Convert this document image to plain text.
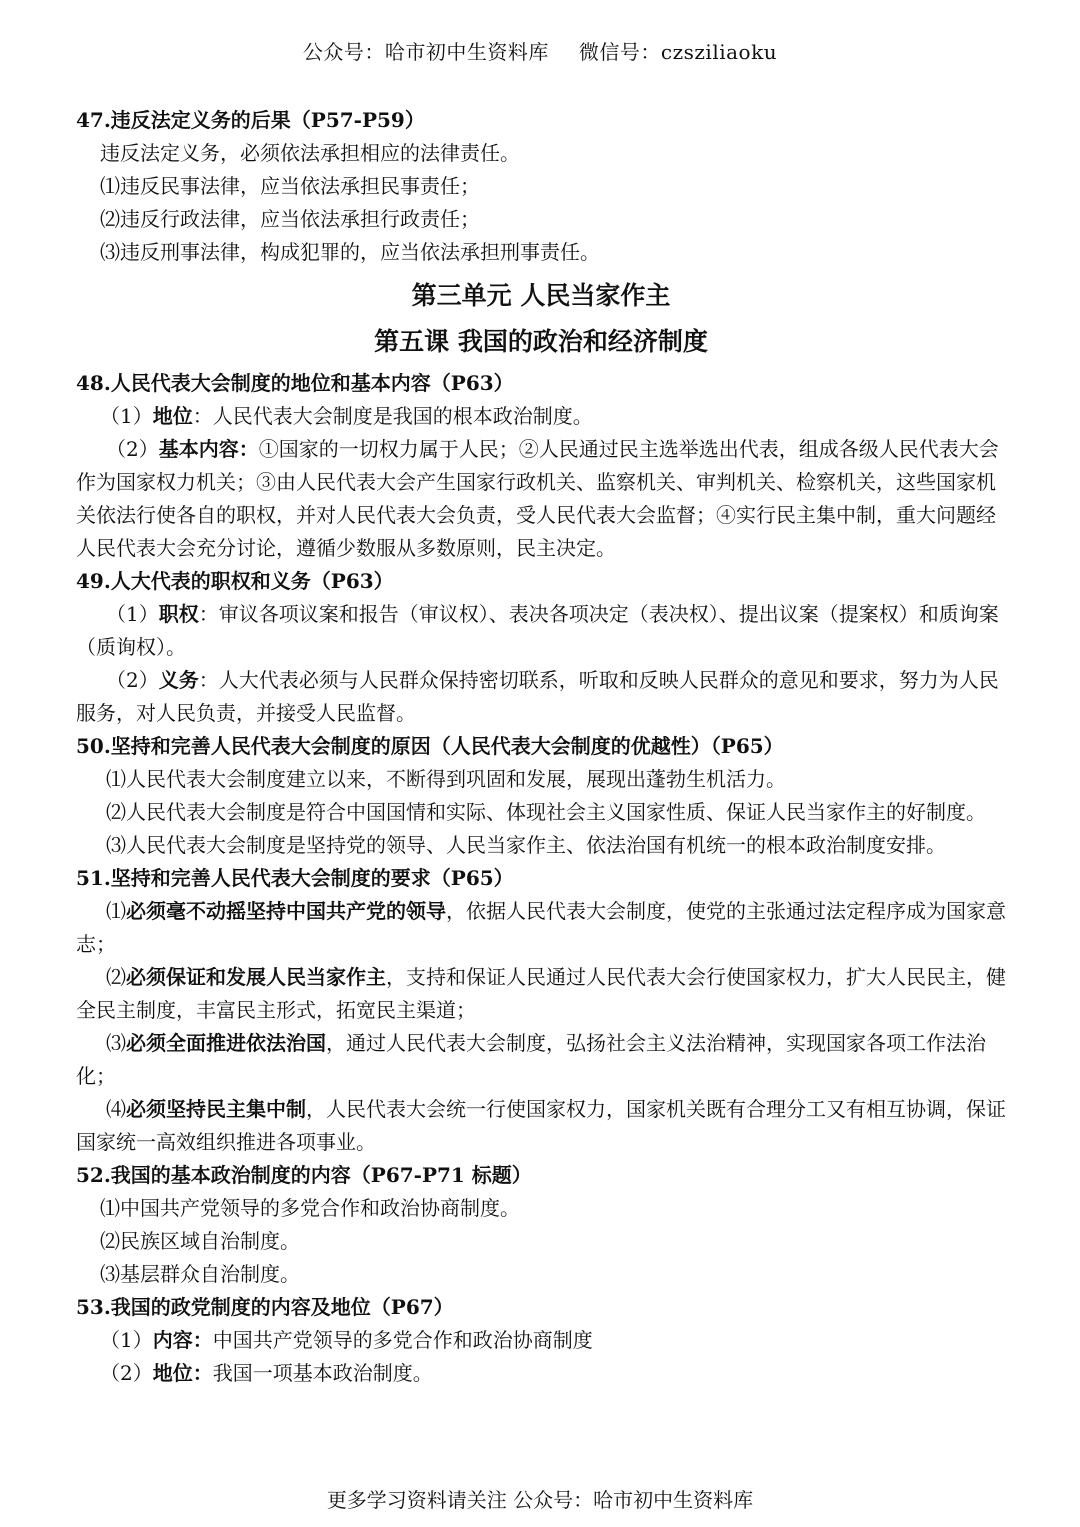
公众号：哈市初中生资料库 微信号：czsziliaoku

47.违反法定义务的后果（P57-P59）

违反法定义务，必须依法承担相应的法律责任。

⑴违反民事法律，应当依法承担民事责任；

⑵违反行政法律，应当依法承担行政责任；

⑶违反刑事法律，构成犯罪的，应当依法承担刑事责任。

第三单元 人民当家作主
第五课 我国的政治和经济制度

48.人民代表大会制度的地位和基本内容（P63）

（1）地位：人民代表大会制度是我国的根本政治制度。

（2）基本内容：①国家的一切权力属于人民；②人民通过民主选举选出代表，组成各级人民代表大会作为国家权力机关；③由人民代表大会产生国家行政机关、监察机关、审判机关、检察机关，这些国家机关依法行使各自的职权，并对人民代表大会负责，受人民代表大会监督；④实行民主集中制，重大问题经人民代表大会充分讨论，遵循少数服从多数原则，民主决定。

49.人大代表的职权和义务（P63）

（1）职权：审议各项议案和报告（审议权）、表决各项决定（表决权）、提出议案（提案权）和质询案（质询权）。

（2）义务：人大代表必须与人民群众保持密切联系，听取和反映人民群众的意见和要求，努力为人民服务，对人民负责，并接受人民监督。

50.坚持和完善人民代表大会制度的原因（人民代表大会制度的优越性）（P65）

⑴人民代表大会制度建立以来，不断得到巩固和发展，展现出蓬勃生机活力。

⑵人民代表大会制度是符合中国国情和实际、体现社会主义国家性质、保证人民当家作主的好制度。

⑶人民代表大会制度是坚持党的领导、人民当家作主、依法治国有机统一的根本政治制度安排。

51.坚持和完善人民代表大会制度的要求（P65）

⑴必须毫不动摇坚持中国共产党的领导，依据人民代表大会制度，使党的主张通过法定程序成为国家意志；

⑵必须保证和发展人民当家作主，支持和保证人民通过人民代表大会行使国家权力，扩大人民民主，健全民主制度，丰富民主形式，拓宽民主渠道；

⑶必须全面推进依法治国，通过人民代表大会制度，弘扬社会主义法治精神，实现国家各项工作法治化；

⑷必须坚持民主集中制，人民代表大会统一行使国家权力，国家机关既有合理分工又有相互协调，保证国家统一高效组织推进各项事业。

52.我国的基本政治制度的内容（P67-P71 标题）

⑴中国共产党领导的多党合作和政治协商制度。

⑵民族区域自治制度。

⑶基层群众自治制度。

53.我国的政党制度的内容及地位（P67）

（1）内容：中国共产党领导的多党合作和政治协商制度

（2）地位：我国一项基本政治制度。

更多学习资料请关注 公众号：哈市初中生资料库
